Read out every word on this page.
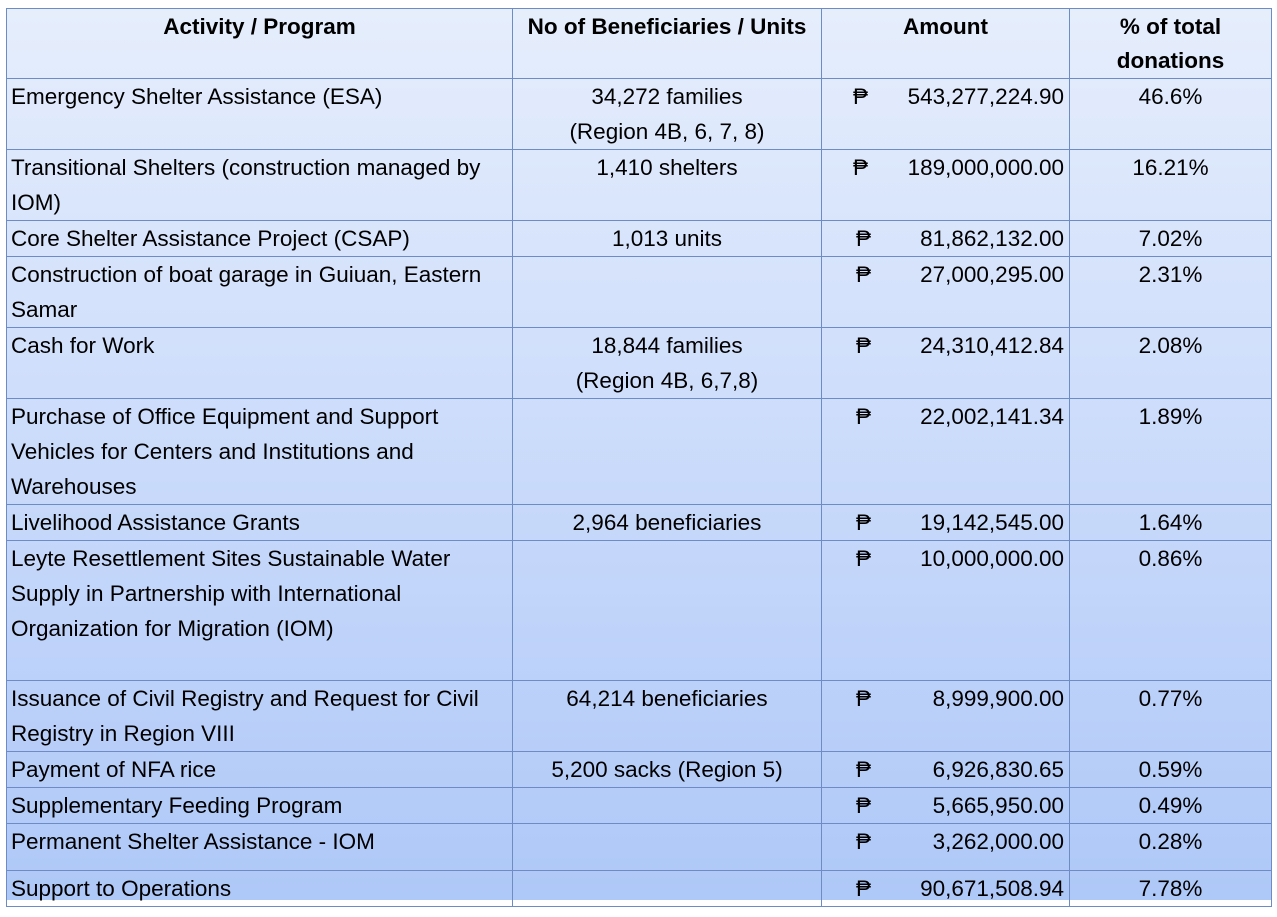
Activity / Program	No of Beneficiaries / Units	Amount	% of total donations
Emergency Shelter Assistance (ESA)	34,272 families (Region 4B, 6, 7, 8)	₱ 543,277,224.90	46.6%
Transitional Shelters (construction managed by IOM)	1,410 shelters	₱ 189,000,000.00	16.21%
Core Shelter Assistance Project (CSAP)	1,013 units	₱ 81,862,132.00	7.02%
Construction of boat garage in Guiuan, Eastern Samar		₱ 27,000,295.00	2.31%
Cash for Work	18,844 families (Region 4B, 6,7,8)	₱ 24,310,412.84	2.08%
Purchase of Office Equipment and Support Vehicles for Centers and Institutions and Warehouses		₱ 22,002,141.34	1.89%
Livelihood Assistance Grants	2,964 beneficiaries	₱ 19,142,545.00	1.64%
Leyte Resettlement Sites Sustainable Water Supply in Partnership with International Organization for Migration (IOM)		₱ 10,000,000.00	0.86%
Issuance of Civil Registry and Request for Civil Registry in Region VIII	64,214 beneficiaries	₱ 8,999,900.00	0.77%
Payment of NFA rice	5,200 sacks (Region 5)	₱ 6,926,830.65	0.59%
Supplementary Feeding Program		₱ 5,665,950.00	0.49%
Permanent Shelter Assistance - IOM		₱ 3,262,000.00	0.28%
Support to Operations		₱ 90,671,508.94	7.78%
